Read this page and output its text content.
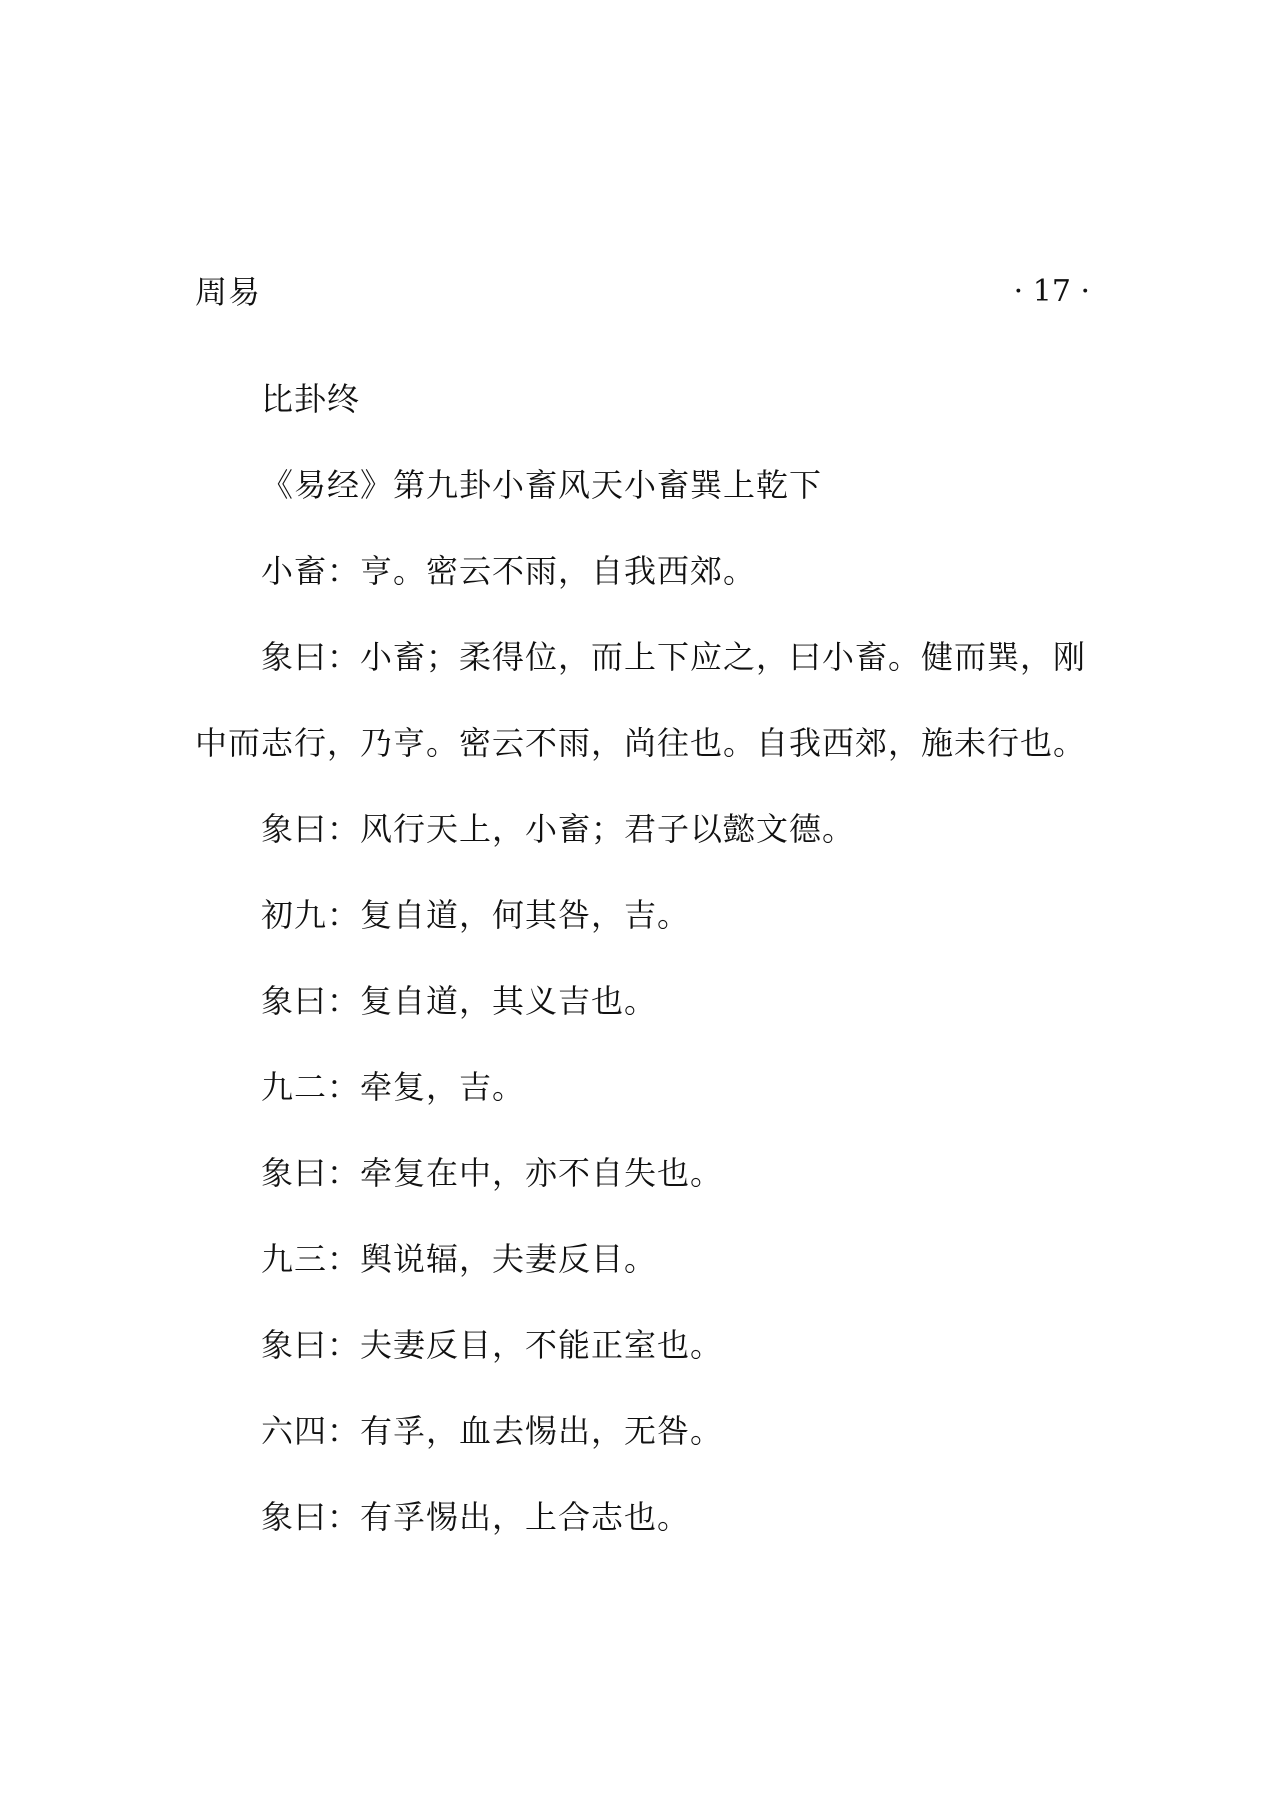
周易	· 17 ·

比卦终

《易经》第九卦小畜风天小畜巽上乾下

小畜：亨。密云不雨，自我西郊。

象曰：小畜；柔得位，而上下应之，曰小畜。健而巽，刚中而志行，乃亨。密云不雨，尚往也。自我西郊，施未行也。

象曰：风行天上，小畜；君子以懿文德。

初九：复自道，何其咎，吉。

象曰：复自道，其义吉也。

九二：牵复，吉。

象曰：牵复在中，亦不自失也。

九三：舆说辐，夫妻反目。

象曰：夫妻反目，不能正室也。

六四：有孚，血去惕出，无咎。

象曰：有孚惕出，上合志也。
